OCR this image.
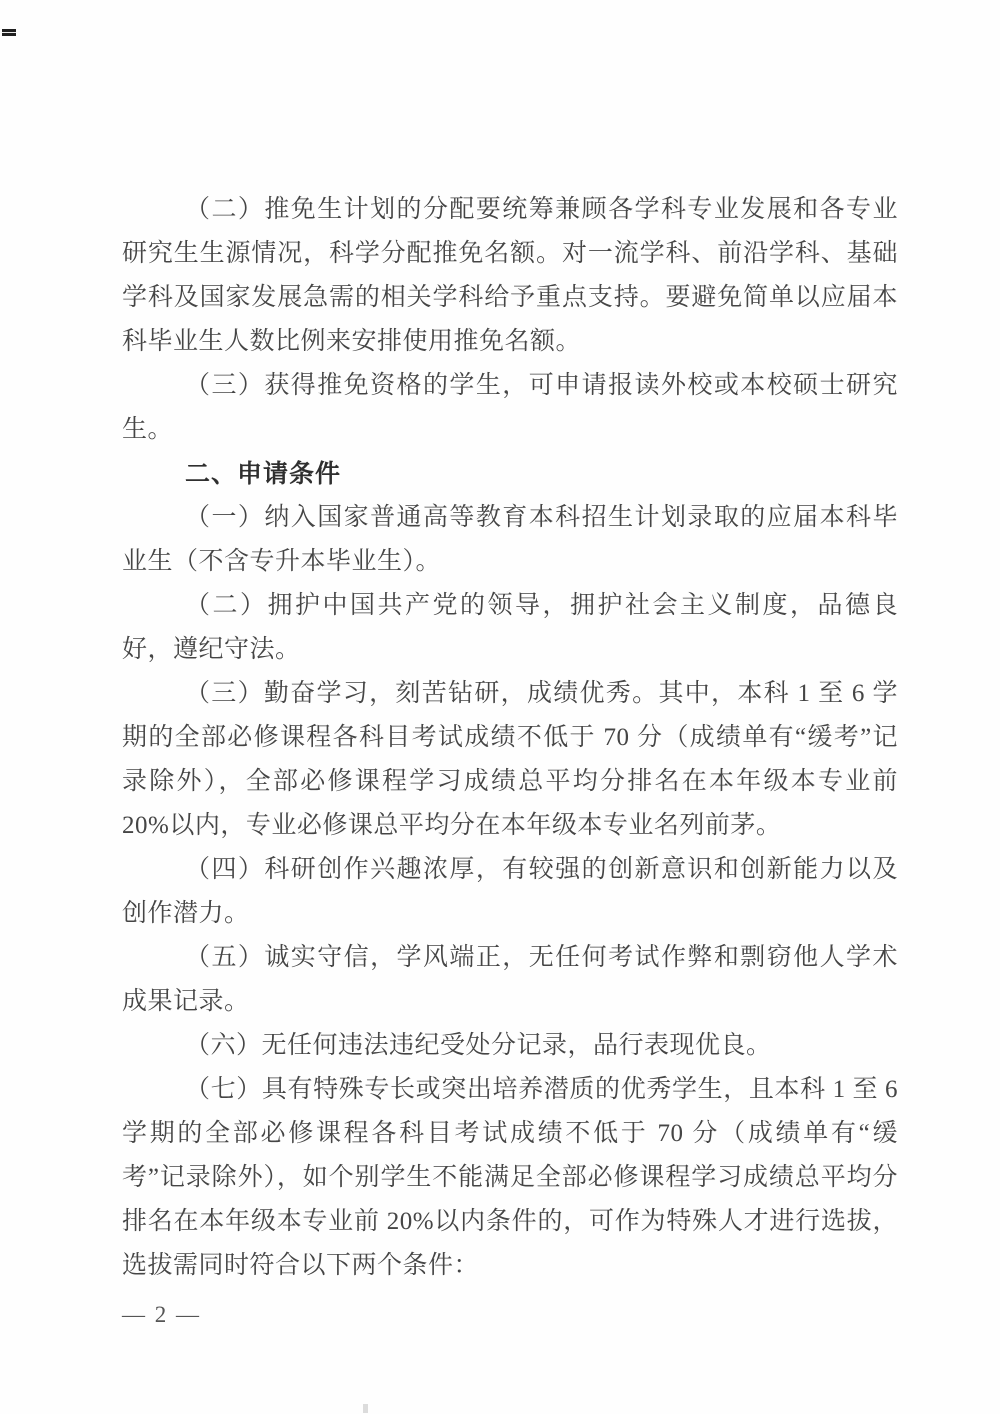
（二）推免生计划的分配要统筹兼顾各学科专业发展和各专业研究生生源情况，科学分配推免名额。对一流学科、前沿学科、基础学科及国家发展急需的相关学科给予重点支持。要避免简单以应届本科毕业生人数比例来安排使用推免名额。

（三）获得推免资格的学生，可申请报读外校或本校硕士研究生。

二、申请条件

（一）纳入国家普通高等教育本科招生计划录取的应届本科毕业生（不含专升本毕业生）。

（二）拥护中国共产党的领导，拥护社会主义制度，品德良好，遵纪守法。

（三）勤奋学习，刻苦钻研，成绩优秀。其中，本科 1 至 6 学期的全部必修课程各科目考试成绩不低于 70 分（成绩单有“缓考”记录除外），全部必修课程学习成绩总平均分排名在本年级本专业前 20%以内，专业必修课总平均分在本年级本专业名列前茅。

（四）科研创作兴趣浓厚，有较强的创新意识和创新能力以及创作潜力。

（五）诚实守信，学风端正，无任何考试作弊和剽窃他人学术成果记录。

（六）无任何违法违纪受处分记录，品行表现优良。

（七）具有特殊专长或突出培养潜质的优秀学生，且本科 1 至 6 学期的全部必修课程各科目考试成绩不低于 70 分（成绩单有“缓考”记录除外），如个别学生不能满足全部必修课程学习成绩总平均分排名在本年级本专业前 20%以内条件的，可作为特殊人才进行选拔，选拔需同时符合以下两个条件：

— 2 —
